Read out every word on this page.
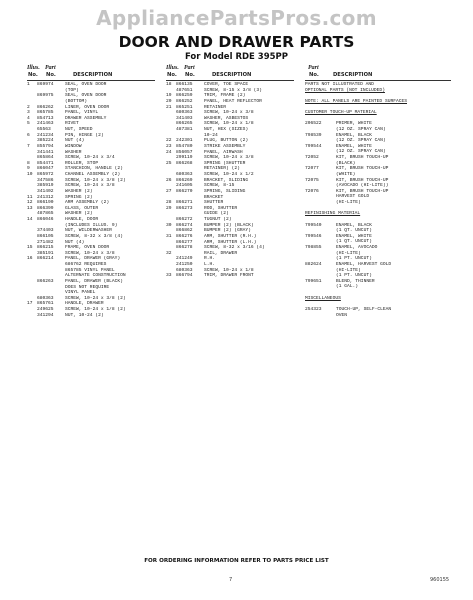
AppliancePartsPros.com
DOOR AND DRAWER PARTS
For Model RDE 395PP
Illus. Part
No. No.	DESCRIPTION
1	869974	SEAL, OVEN DOOR
(TOP)
869975	SEAL, OVEN DOOR
(BOTTOM)
2	866262	LINER, OVEN DOOR
3	865785	PANEL, VINYL
4	854713	DRAWER ASSEMBLY
5	241463	RIVET
65563	NUT, SPEED
6	241234	PIN, HINGE (2)
385224	NUT (4)
7	855794	WINDOW
341441	WASHER
865864	SCREW, 10-24 x 3/4
8	854471	ROLLER, STOP
9	866047	STANCHION, HANDLE (2)
10 865972	CHANNEL ASSEMBLY (2)
347586	SCREW, 10-24 x 3/8 (2)
385919	SCREW, 10-24 x 3/8
341402	WASHER (2)
11 241312	SPRING (2)
12 866190	ARM ASSEMBLY (2)
13 866399	GLASS, OUTER
487865	WASHER (2)
14 866046	HANDLE, DOOR
(INCLUDES ILLUS. 9)
374403	NUT, WILDERWASHER
866105	SCREW, 8-32 x 3/8 (4)
271482	NUT (4)
15 866215	FRAME, OVEN DOOR
385191	SCREW, 10-24 x 3/8
16 866214	PANEL, DRAWER (GRAY)
686762 REQUIRES
865785 VINYL PANEL
ALTERNATE CONSTRUCTION
866263	PANEL, DRAWER (BLACK)
DOES NOT REQUIRE
VINYL PANEL
680363	SCREW, 10-24 x 3/8 (2)
17 865761	HANDLE, DRAWER
249625	SCREW, 10-24 x 1/8 (2)
341294	NUT, 10-24 (2)
Illus. Part
No. No.	DESCRIPTION
18 866135	COVER, TOE SPACE
487651	SCREW, 8-15 x 3/8 (3)
19 866259	TRIM, FRAME (2)
20 866252	PANEL, HEAT REFLECTOR
21 865251	RETAINER
680363	SCREW, 10-24 x 3/8
341403	WASHER, ASBESTOS
866265	SCREW, 10-24 x 1/8
487381	NUT, HEX (SIZES)
10-24
22 242301	PLUG, BUTTON (2)
23 854780	STRIKE ASSEMBLY
24 856057	PANEL, AIRWASH
299119	SCREW, 10-24 x 3/8
25 866268	SPRING (SHUTTER
RETAINER) (2)
680363	SCREW, 10-24 x 1/2
26 866269	BRACKET, SLIDING
241605	SCREW, 8-15
27 866270	SPRING, SLIDING
BRACKET
28 866271	SHUTTER
29 866273	ROD, SHUTTER
GUIDE (2)
866272	TUGNUT (2)
30 866274	BUMPER (2) (BLACK)
866862	BUMPER (2) (GRAY)
31 866276	ARM, SHUTTER (R.H.)
866277	ARM, SHUTTER (L.H.)
866278	SCREW, 8-32 x 3/16 (4)
32	RAIL, DRAWER
241249	R.H.
241250	L.H.
680363	SCREW, 10-24 x 1/8
33 866794	TRIM, DRAWER FRONT
Part
No.	DESCRIPTION
PARTS NOT ILLUSTRATED AND
OPTIONAL PARTS (NOT INCLUDED)
NOTE: ALL PANELS ARE PAINTED SURFACES
CUSTOMER TOUCH-UP MATERIAL
206522	PRIMER, WHITE
(12 OZ. SPRAY CAN)
798539	ENAMEL, BLACK
(12 OZ. SPRAY CAN)
799544	ENAMEL, WHITE
(12 OZ. SPRAY CAN)
72052	KIT, BRUSH TOUCH-UP
(BLACK)
72077	KIT, BRUSH TOUCH-UP
(WHITE)
72075	KIT, BRUSH TOUCH-UP
(AVOCADO (HI-LITE))
72076	KIT, BRUSH TOUCH-UP
HARVEST GOLD
(HI-LITE)
REFINISHING MATERIAL
799540	ENAMEL, BLACK
(1 QT. UNCUT)
799546	ENAMEL, WHITE
(1 QT. UNCUT)
798855	ENAMEL, AVOCADO
(HI-LITE)
(1 PT. UNCUT)
882624	ENAMEL, HARVEST GOLD
(HI-LITE)
(1 PT. UNCUT)
799651	BLEND, THINNER
(1 GAL.)
MISCELLANEOUS
254323	TOUCH-UP, SELF-CLEAN
OVEN
FOR ORDERING INFORMATION REFER TO PARTS PRICE LIST
7	960155
